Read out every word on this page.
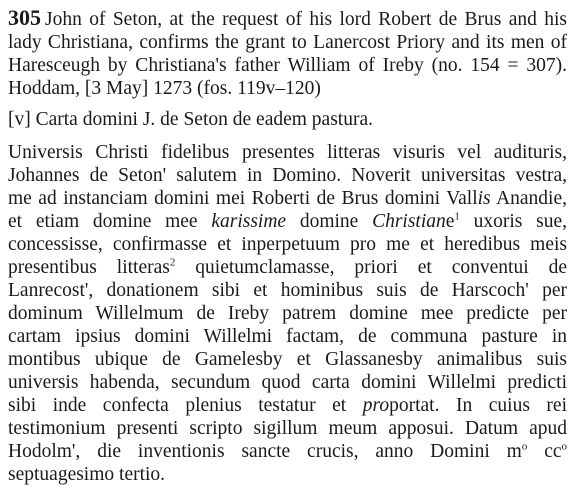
305 John of Seton, at the request of his lord Robert de Brus and his
lady Christiana, confirms the grant to Lanercost Priory and its men of
Haresceugh by Christiana's father William of Ireby (no. 154 = 307).
Hoddam, [3 May] 1273 (fos. 119v–120)

[v] Carta domini J. de Seton de eadem pastura.

Universis Christi fidelibus presentes litteras visuris vel audituris,
Johannes de Seton' salutem in Domino. Noverit universitas vestra,
me ad instanciam domini mei Roberti de Brus domini Vallis Anandie,
et etiam domine mee karissime domine Christiane$^1$ uxoris sue,
concessisse, confirmasse et inperpetuum pro me et heredibus meis
presentibus litteras$^2$ quietumclamasse, priori et conventui de
Lanrecost', donationem sibi et hominibus suis de Harscoch' per
dominum Willelmum de Ireby patrem domine mee predicte per
cartam ipsius domini Willelmi factam, de communa pasture in
montibus ubique de Gamelesby et Glassanesby animalibus suis
universis habenda, secundum quod carta domini Willelmi predicti
sibi inde confecta plenius testatur et proportat. In cuius rei
testimonium presenti scripto sigillum meum apposui. Datum apud
Hodolm', die inventionis sancte crucis, anno Domini $m^o$ $cc^o$
septuagesimo tertio.
